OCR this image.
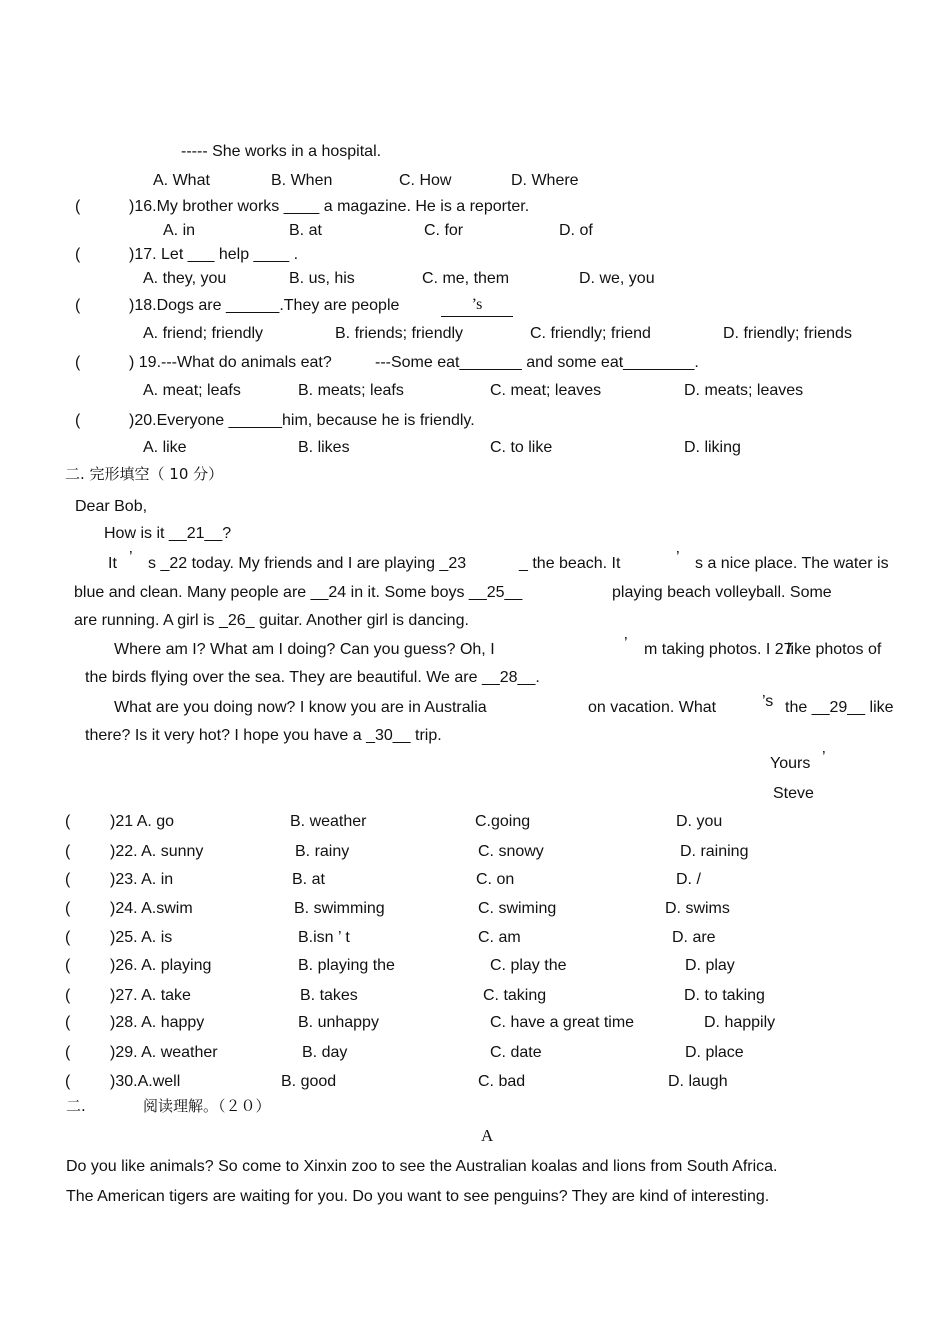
----- She works in a hospital.
A. What	B. When	C. How	D. Where
(	)16.My brother works ____ a magazine. He is a reporter.
A. in	B. at	C. for	D. of
(	)17. Let ___ help ____ .
A. they, you	B. us, his	C. me, them	D. we, you
(	)18.Dogs are ______.They are people	’s
A. friend; friendly	B. friends; friendly	C. friendly; friend	D. friendly; friends
(	) 19.---What do animals eat?	---Some eat_______ and some eat________.
A. meat; leafs	B. meats; leafs	C. meat; leaves	D. meats; leaves
(	)20.Everyone ______him, because he is friendly.
A. like	B. likes	C. to like	D. liking
二. 完形填空（ 10 分）
Dear Bob,
How is it __21__?
It ’ s _22 today. My friends and I are playing _23	_ the beach. It	’ s a nice place. The water is
blue and clean. Many people are __24 in it. Some boys __25__	playing beach volleyball. Some
are running. A girl is _26_ guitar. Another girl is dancing.
Where am I? What am I doing? Can you guess? Oh, I	’ m taking photos. I 27
like photos of
the birds flying over the sea. They are beautiful. We are __28__.
What are you doing now? I know you are in Australia	on vacation. What	’s the __29__ like
there? Is it very hot? I hope you have a _30__ trip.
Yours ’
Steve
( )21 A. go	B. weather	C.going	D. you
( )22. A. sunny	B. rainy	C. snowy	D. raining
( )23. A. in	B. at	C. on	D. /
( )24. A.swim	B. swimming	C. swiming	D. swims
( )25. A. is	B.isn ’ t	C. am	D. are
( )26. A. playing	B. playing the	C. play the	D. play
( )27. A. take	B. takes	C. taking	D. to taking
( )28. A. happy	B. unhappy	C. have a great time	D. happily
( )29. A. weather	B. day	C. date	D. place
( )30.A.well	B. good	C. bad	D. laugh
二.	阅读理解。（２０）
A
Do you like animals? So come to Xinxin zoo to see the Australian koalas and lions from South Africa.
The American tigers are waiting for you. Do you want to see penguins? They are kind of interesting.
